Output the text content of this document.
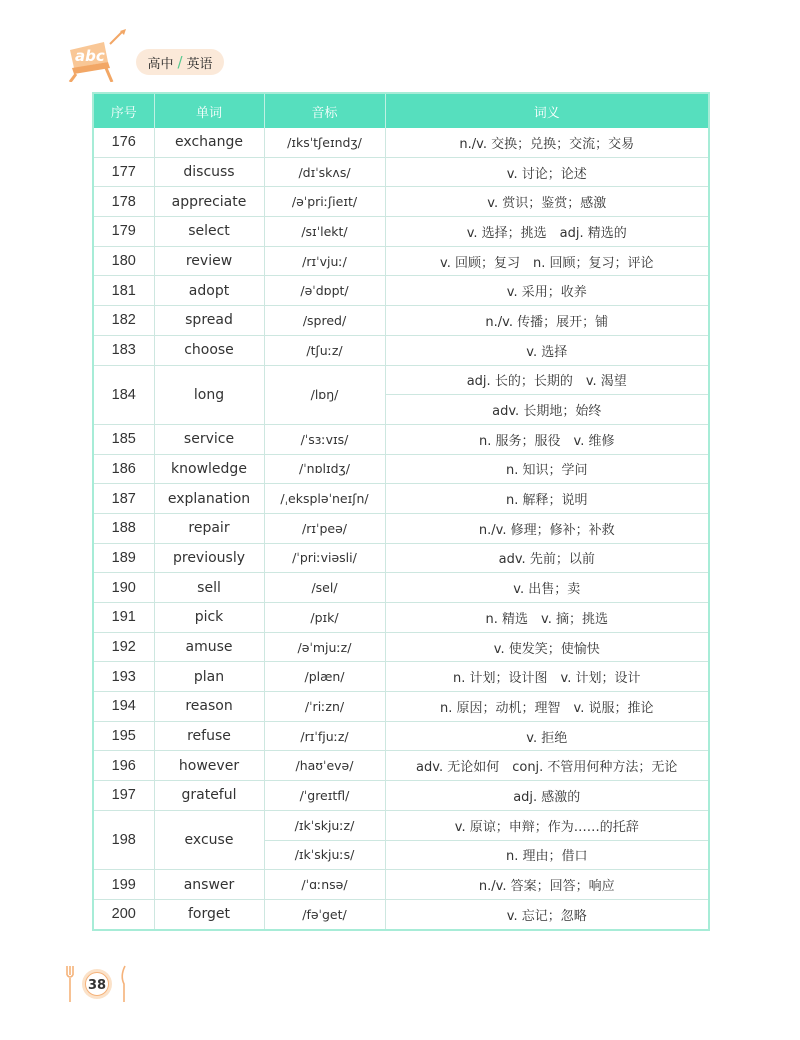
abc	高中 / 英语
序号	单词	音标	词义
176	exchange	/ɪksˈtʃeɪndʒ/	n./v. 交换；兑换；交流；交易
177	discuss	/dɪˈskʌs/	v. 讨论；论述
178	appreciate	/əˈpriːʃieɪt/	v. 赏识；鉴赏；感激
179	select	/sɪˈlekt/	v. 选择；挑选　adj. 精选的
180	review	/rɪˈvjuː/	v. 回顾；复习　n. 回顾；复习；评论
181	adopt	/əˈdɒpt/	v. 采用；收养
182	spread	/spred/	n./v. 传播；展开；铺
183	choose	/tʃuːz/	v. 选择
184	long	/lɒŋ/	adj. 长的；长期的　v. 渴望
			adv. 长期地；始终
185	service	/ˈsɜːvɪs/	n. 服务；服役　v. 维修
186	knowledge	/ˈnɒlɪdʒ/	n. 知识；学问
187	explanation	/ˌekspləˈneɪʃn/	n. 解释；说明
188	repair	/rɪˈpeə/	n./v. 修理；修补；补救
189	previously	/ˈpriːviəsli/	adv. 先前；以前
190	sell	/sel/	v. 出售；卖
191	pick	/pɪk/	n. 精选　v. 摘；挑选
192	amuse	/əˈmjuːz/	v. 使发笑；使愉快
193	plan	/plæn/	n. 计划；设计图　v. 计划；设计
194	reason	/ˈriːzn/	n. 原因；动机；理智　v. 说服；推论
195	refuse	/rɪˈfjuːz/	v. 拒绝
196	however	/haʊˈevə/	adv. 无论如何　conj. 不管用何种方法；无论
197	grateful	/ˈgreɪtfl/	adj. 感激的
198	excuse	/ɪkˈskjuːz/	v. 原谅；申辩；作为……的托辞
		/ɪkˈskjuːs/	n. 理由；借口
199	answer	/ˈɑːnsə/	n./v. 答案；回答；响应
200	forget	/fəˈget/	v. 忘记；忽略
38
